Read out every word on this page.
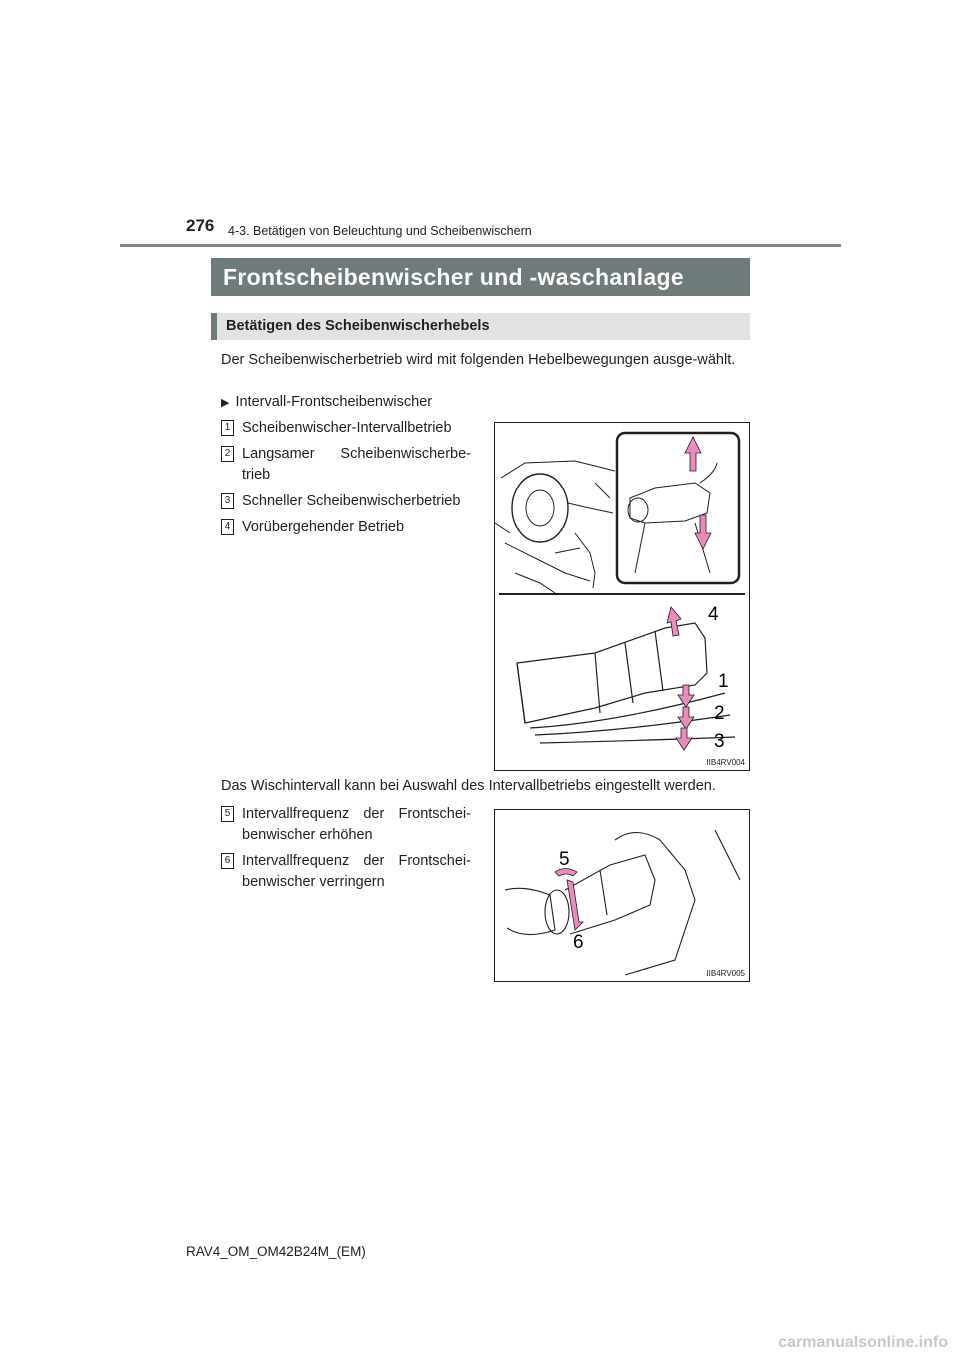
276 4-3. Betätigen von Beleuchtung und Scheibenwischern
Frontscheibenwischer und -waschanlage
Betätigen des Scheibenwischerhebels
Der Scheibenwischerbetrieb wird mit folgenden Hebelbewegungen ausge-wählt.
▶ Intervall-Frontscheibenwischer
1 Scheibenwischer-Intervallbetrieb
2 Langsamer Scheibenwischerbe-trieb
3 Schneller Scheibenwischerbetrieb
4 Vorübergehender Betrieb
4
1
2
3
IIB4RV004
Das Wischintervall kann bei Auswahl des Intervallbetriebs eingestellt werden.
5 Intervallfrequenz der Frontschei-benwischer erhöhen
6 Intervallfrequenz der Frontschei-benwischer verringern
5
6
IIB4RV005
RAV4_OM_OM42B24M_(EM)
carmanualsonline.info
